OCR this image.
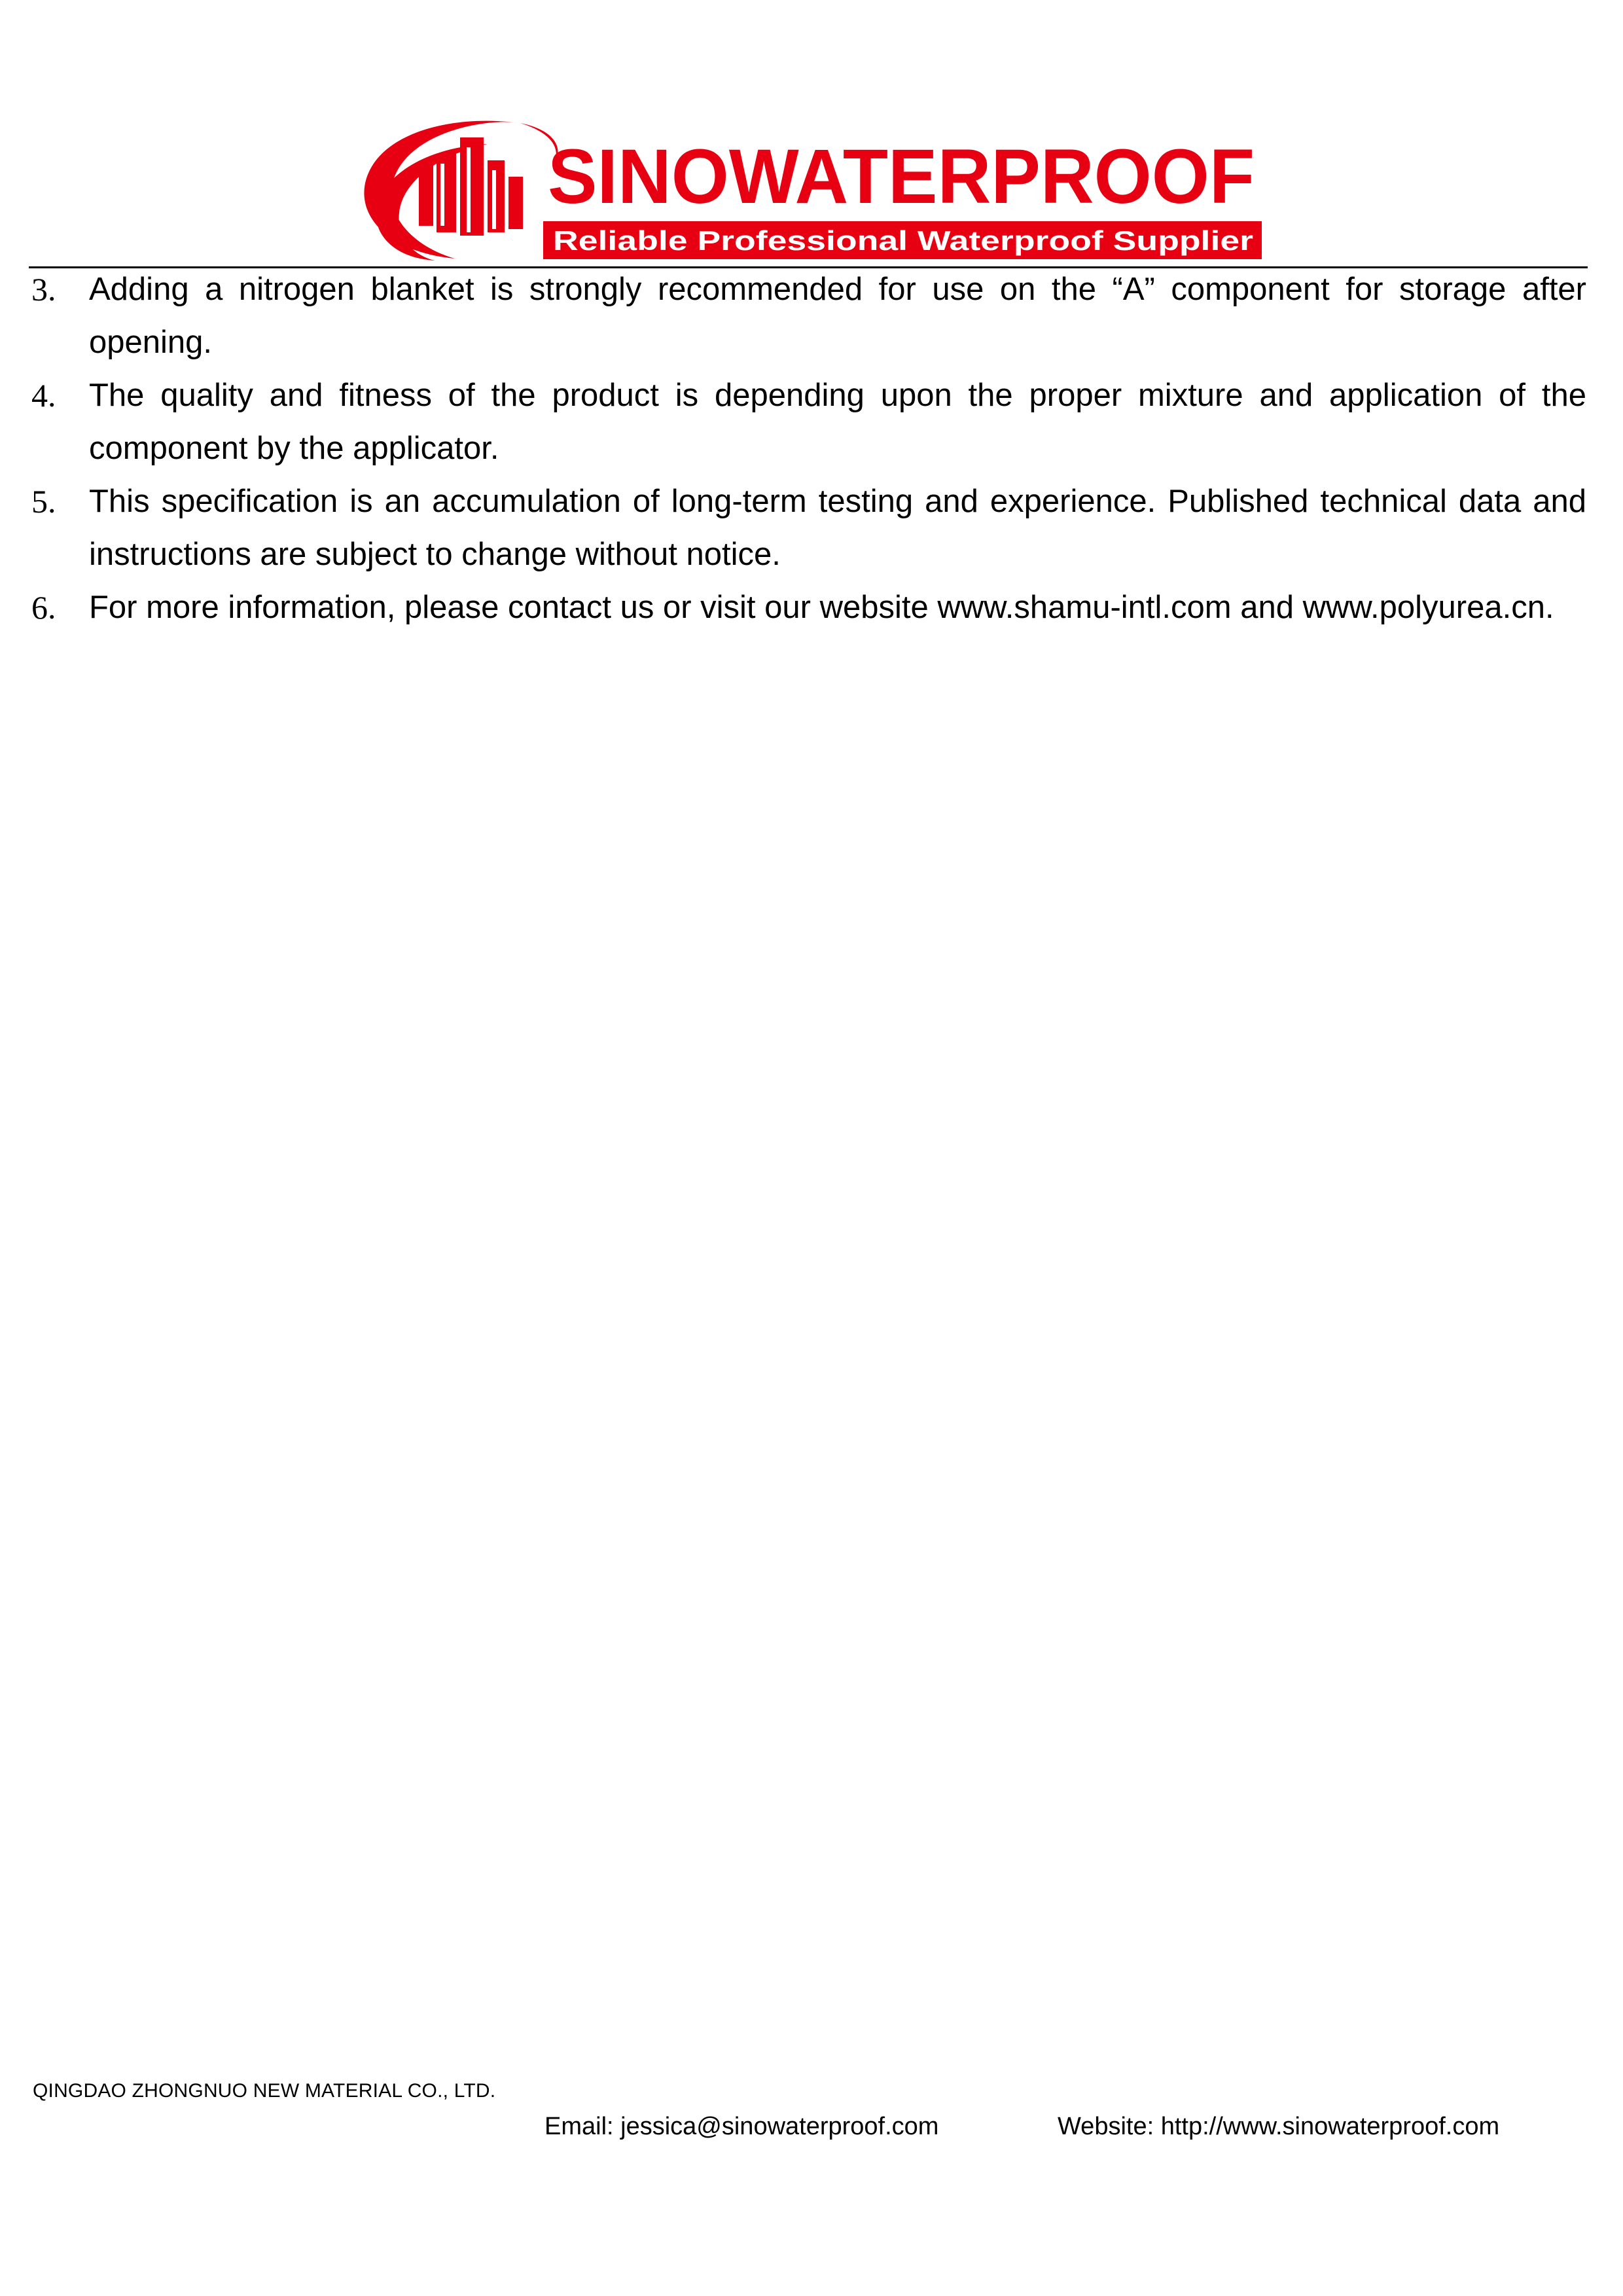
SINOWATERPROOF
Reliable Professional Waterproof Supplier
3. Adding a nitrogen blanket is strongly recommended for use on the “A” component for storage after opening.
4. The quality and fitness of the product is depending upon the proper mixture and application of the component by the applicator.
5. This specification is an accumulation of long-term testing and experience. Published technical data and instructions are subject to change without notice.
6. For more information, please contact us or visit our website www.shamu-intl.com and www.polyurea.cn.
QINGDAO ZHONGNUO NEW MATERIAL CO., LTD.
Email: jessica@sinowaterproof.com	Website: http://www.sinowaterproof.com
